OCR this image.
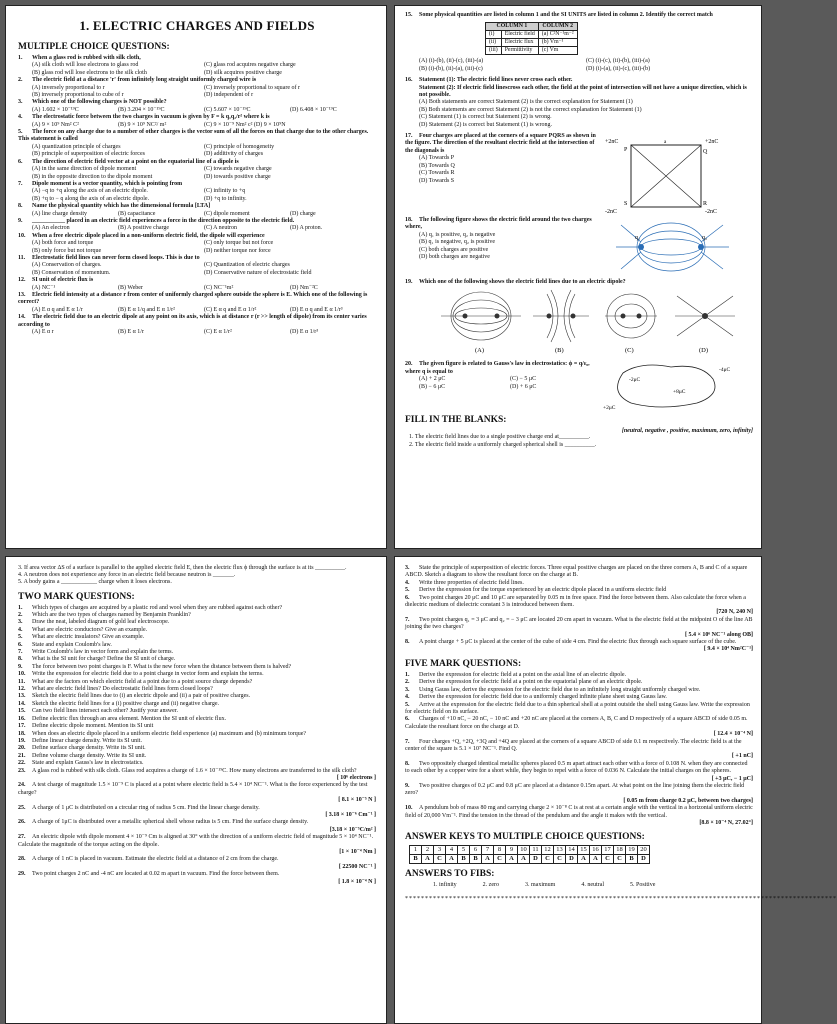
1. ELECTRIC CHARGES AND FIELDS
MULTIPLE CHOICE QUESTIONS:

1. When a glass rod is rubbed with silk cloth,

(A) silk cloth will lose electrons to glass rod	(C) glass rod acquires negative charge
(B) glass rod will lose electrons to the silk cloth	(D) silk acquires positive charge

2. The electric field at a distance 'r' from infinitely long straight uniformly charged wire is

(A) inversely proportional to r	(C) inversely proportional to square of r
(B) inversely proportional to cube of r	(D) independent of r

3. Which one of the following charges is NOT possible?

(A) 1.602 × 10⁻¹⁹C	(B) 3.204 × 10⁻¹⁹C	(C) 5.607 × 10⁻¹⁹C	(D) 6.408 × 10⁻¹⁹C

4. The electrostatic force between the two charges in vacuum is given by F = k q₁q₂/r² where k is

(A) 9 × 10⁹ Nm² C²	(B) 9 × 10⁹ NC²/ m²	(C) 9 × 10⁻⁹ Nm² c² (D) 9 × 10⁹N

5. The force on any charge due to a number of other charges is the vector sum of all the forces on that charge due to the other charges. This statement is called

(A) quantization principle of charges	(C) principle of homogeneity
(B) principle of superposition of electric forces	(D) additivity of charges

6. The direction of electric field vector at a point on the equatorial line of a dipole is

(A) in the same direction of dipole moment	(C) towards negative charge
(B) in the opposite direction to the dipole moment	(D) towards positive charge

7. Dipole moment is a vector quantity, which is pointing from

(A) −q to +q along the axis of an electric dipole.	(C) infinity to +q
(B) +q to − q along the axis of an electric dipole.	(D) +q to infinity.

8. Name the physical quantity which has the dimensional formula [LTA]

(A) line charge density	(B) capacitance	(C) dipole moment	(D) charge

9. ___________ placed in an electric field experiences a force in the direction opposite to the electric field.

(A) An electron	(B) A positive charge	(C) A neutron	(D) A proton.

10. When a free electric dipole placed in a non-uniform electric field, the dipole will experience

(A) both force and torque	(C) only torque but not force
(B) only force but not torque	(D) neither torque nor force

11. Electrostatic field lines can never form closed loops. This is due to

(A) Conservation of charges.	(C) Quantization of electric charges
(B) Conservation of momentum.	(D) Conservative nature of electrostatic field

12. SI unit of electric flux is

(A) NC⁻¹	(B) Weber	(C) NC⁻¹m²	(D) Nm⁻²C

13. Electric field intensity at a distance r from center of uniformly charged sphere outside the sphere is E. Which one of the following is correct?

(A) E α q and E α 1/r	(B) E α 1/q and E α 1/r²	(C) E α q and E α 1/r²	(D) E α q and E α 1/r³

14. The electric field due to an electric dipole at any point on its axis, which is at distance r (r >> length of dipole) from its center varies according to

(A) E α r	(B) E α 1/r	(C) E α 1/r²	(D) E α 1/r³

15. Some physical quantities are listed in column 1 and the SI UNITS are listed in column 2. Identify the correct match

COLUMN 1		COLUMN 2
(i)	Electric field	(a) C²N⁻¹m⁻²
(ii)	Electric flux	(b) Vm⁻¹
(iii)	Permittivity	(c) Vm
(A) (i)-(b), (ii)-(c), (iii)-(a)	(C) (i)-(c), (ii)-(b), (iii)-(a)
(B) (i)-(b), (ii)-(a), (iii)-(c)	(D) (i)-(a), (ii)-(c), (iii)-(b)

16. Statement (1): The electric field lines never cross each other.

Statement (2): If electric field linescross each other, the field at the point of intersection will not have a unique direction, which is not possible.

(A) Both statements are correct Statement (2) is the correct explanation for Statement (1)
(B) Both statements are correct Statement (2) is not the correct explanation for Statement (1)
(C) Statement (1) is correct but Statement (2) is wrong.
(D) Statement (2) is correct but Statement (1) is wrong.

17. Four charges are placed at the corners of a square PQRS as shown in the figure. The direction of the resultant electric field at the intersection of the diagonals is

(A) Towards P
(B) Towards Q
(C) Towards R
(D) Towards S
+2nC	+2nC
-2nC	-2nC
P	Q
R
S
a

18. The following figure shows the electric field around the two charges where,

(A) q₁ is positive, q₂ is negative
(B) q₁ is negative, q₂ is positive
(C) both charges are positive
(D) both charges are negative
q₁	q₂

19. Which one of the following shows the electric field lines due to an electric dipole?

(A)	(B)	(C)	(D)

20. The given figure is related to Gauss's law in electrostatics: ϕ = q/ε₀, where q is equal to

(A) + 2 μC	(C) − 5 μC
(B) − 6 μC	(D) + 6 μC
-2μC
+8μC
+2μC
-4μC
FILL IN THE BLANKS:
[neutral, negative , positive, maximum, zero, infinity]
1. The electric field lines due to a single positive charge end at__________.
2. The electric field inside a uniformly charged spherical shell is __________.
3. If area vector ΔS of a surface is parallel to the applied electric field E, then the electric flux ϕ through the surface is at its __________.
4. A neutron does not experience any force in an electric field because neutron is _______.
5. A body gains a ____________ charge when it loses electrons.
TWO MARK QUESTIONS:

1. Which types of charges are acquired by a plastic rod and wool when they are rubbed against each other?

2. Which are the two types of charges named by Benjamin Franklin?

3. Draw the neat, labeled diagram of gold leaf electroscope.

4. What are electric conductors? Give an example.

5. What are electric insulators? Give an example.

6. State and explain Coulomb's law.

7. Write Coulomb's law in vector form and explain the terms.

8. What is the SI unit for charge? Define the SI unit of charge.

9. The force between two point charges is F. What is the new force when the distance between them is halved?

10. Write the expression for electric field due to a point charge in vector form and explain the terms.

11. What are the factors on which electric field at a point due to a point source charge depends?

12. What are electric field lines? Do electrostatic field lines form closed loops?

13. Sketch the electric field lines due to (i) an electric dipole and (ii) a pair of positive charges.

14. Sketch the electric field lines for a (i) positive charge and (ii) negative charge.

15. Can two field lines intersect each other? Justify your answer.

16. Define electric flux through an area element. Mention the SI unit of electric flux.

17. Define electric dipole moment. Mention its SI unit

18. When does an electric dipole placed in a uniform electric field experience (a) maximum and (b) minimum torque?

19. Define linear charge density. Write its SI unit.

20. Define surface charge density. Write its SI unit.

21. Define volume charge density. Write its SI unit.

22. State and explain Gauss's law in electrostatics.

23. A glass rod is rubbed with silk cloth. Glass rod acquires a charge of 1.6 × 10⁻¹⁹C. How many electrons are transferred to the silk cloth?

[ 10⁶ electrons ]

24. A test charge of magnitude 1.5 × 10⁻⁹ C is placed at a point where electric field is 5.4 × 10⁴ NC⁻¹. What is the force experienced by the test charge?

[ 8.1 × 10⁻⁵ N ]

25. A charge of 1 μC is distributed on a circular ring of radius 5 cm. Find the linear charge density.

[ 3.18 × 10⁻⁶ Cm⁻¹ ]

26. A charge of 1μC is distributed over a metallic spherical shell whose radius is 5 cm. Find the surface charge density.

[3.18 × 10⁻⁵C/m² ]

27. An electric dipole with dipole moment 4 × 10⁻⁹ Cm is aligned at 30° with the direction of a uniform electric field of magnitude 5 × 10⁴ NC⁻¹. Calculate the magnitude of the torque acting on the dipole.

[1 × 10⁻⁴ Nm ]

28. A charge of 1 nC is placed in vacuum. Estimate the electric field at a distance of 2 cm from the charge.

[ 22500 NC⁻¹ ]

29. Two point charges 2 nC and -4 nC are located at 0.02 m apart in vacuum. Find the force between them.

[ 1.8 × 10⁻⁴ N ]

3. State the principle of superposition of electric forces. Three equal positive charges are placed on the three corners A, B and C of a square ABCD. Sketch a diagram to show the resultant force on the charge at B.

4. Write three properties of electric field lines.

5. Derive the expression for the torque experienced by an electric dipole placed in a uniform electric field

6. Two point charges 20 μC and 10 μC are separated by 0.05 m in free space. Find the force between them. Also calculate the force when a dielectric medium of dielectric constant 3 is introduced between them.

[720 N, 240 N]

7. Two point charges q₁ = 3 μC and q₂ = − 3 μC are located 20 cm apart in vacuum. What is the electric field at the midpoint O of the line AB joining the two charges?

[ 5.4 × 10⁶ NC⁻¹ along OB]

8. A point charge + 5 μC is placed at the center of the cube of side 4 cm. Find the electric flux through each square surface of the cube.

[ 9.4 × 10⁴ Nm²C⁻¹]
FIVE MARK QUESTIONS:

1. Derive the expression for electric field at a point on the axial line of an electric dipole.

2. Derive the expression for electric field at a point on the equatorial plane of an electric dipole.

3. Using Gauss law, derive the expression for the electric field due to an infinitely long straight uniformly charged wire.

4. Derive the expression for electric field due to a uniformly charged infinite plane sheet using Gauss law.

5. Arrive at the expression for the electric field due to a thin spherical shell at a point outside the shell using Gauss law. Write the expression for electric field on its surface.

6. Charges of +10 nC, − 20 nC, − 10 nC and +20 nC are placed at the corners A, B, C and D respectively of a square ABCD of side 0.05 m. Calculate the resultant force on the charge at D.

[ 12.4 × 10⁻⁴ N]

7. Four charges +Q, +2Q, +3Q and +4Q are placed at the corners of a square ABCD of side 0.1 m respectively. The electric field is at the center of the square is 5.1 × 10⁷ NC⁻¹. Find Q.

[ +1 nC]

8. Two oppositely charged identical metallic spheres placed 0.5 m apart attract each other with a force of 0.108 N. when they are connected to each other by a copper wire for a short while, they begin to repel with a force of 0.036 N. Calculate the initial charges on the spheres.

[ +3 μC, − 1 μC]

9. Two positive charges of 0.2 μC and 0.8 μC are placed at a distance 0.15m apart. At what point on the line joining them the electric field zero?

[ 0.05 m from charge 0.2 μC, between two charges]

10. A pendulum bob of mass 80 mg and carrying charge 2 × 10⁻⁸ C is at rest at a certain angle with the vertical in a horizontal uniform electric field of 20,000 Vm⁻¹. Find the tension in the thread of the pendulum and the angle it makes with the vertical.

[8.8 × 10⁻⁴ N, 27.02°]
ANSWER KEYS TO MULTIPLE CHOICE QUESTIONS:
1	2	3	4	5	6	7	8	9	10	11	12	13	14	15	16	17	18	19	20
B	A	C	A	B	B	A	C	A	A	D	C	C	D	A	A	C	C	B	D
ANSWERS TO FIBS:
1. infinity	2. zero	3. maximum	4. neutral	5. Positive
************************************************************************************************************
